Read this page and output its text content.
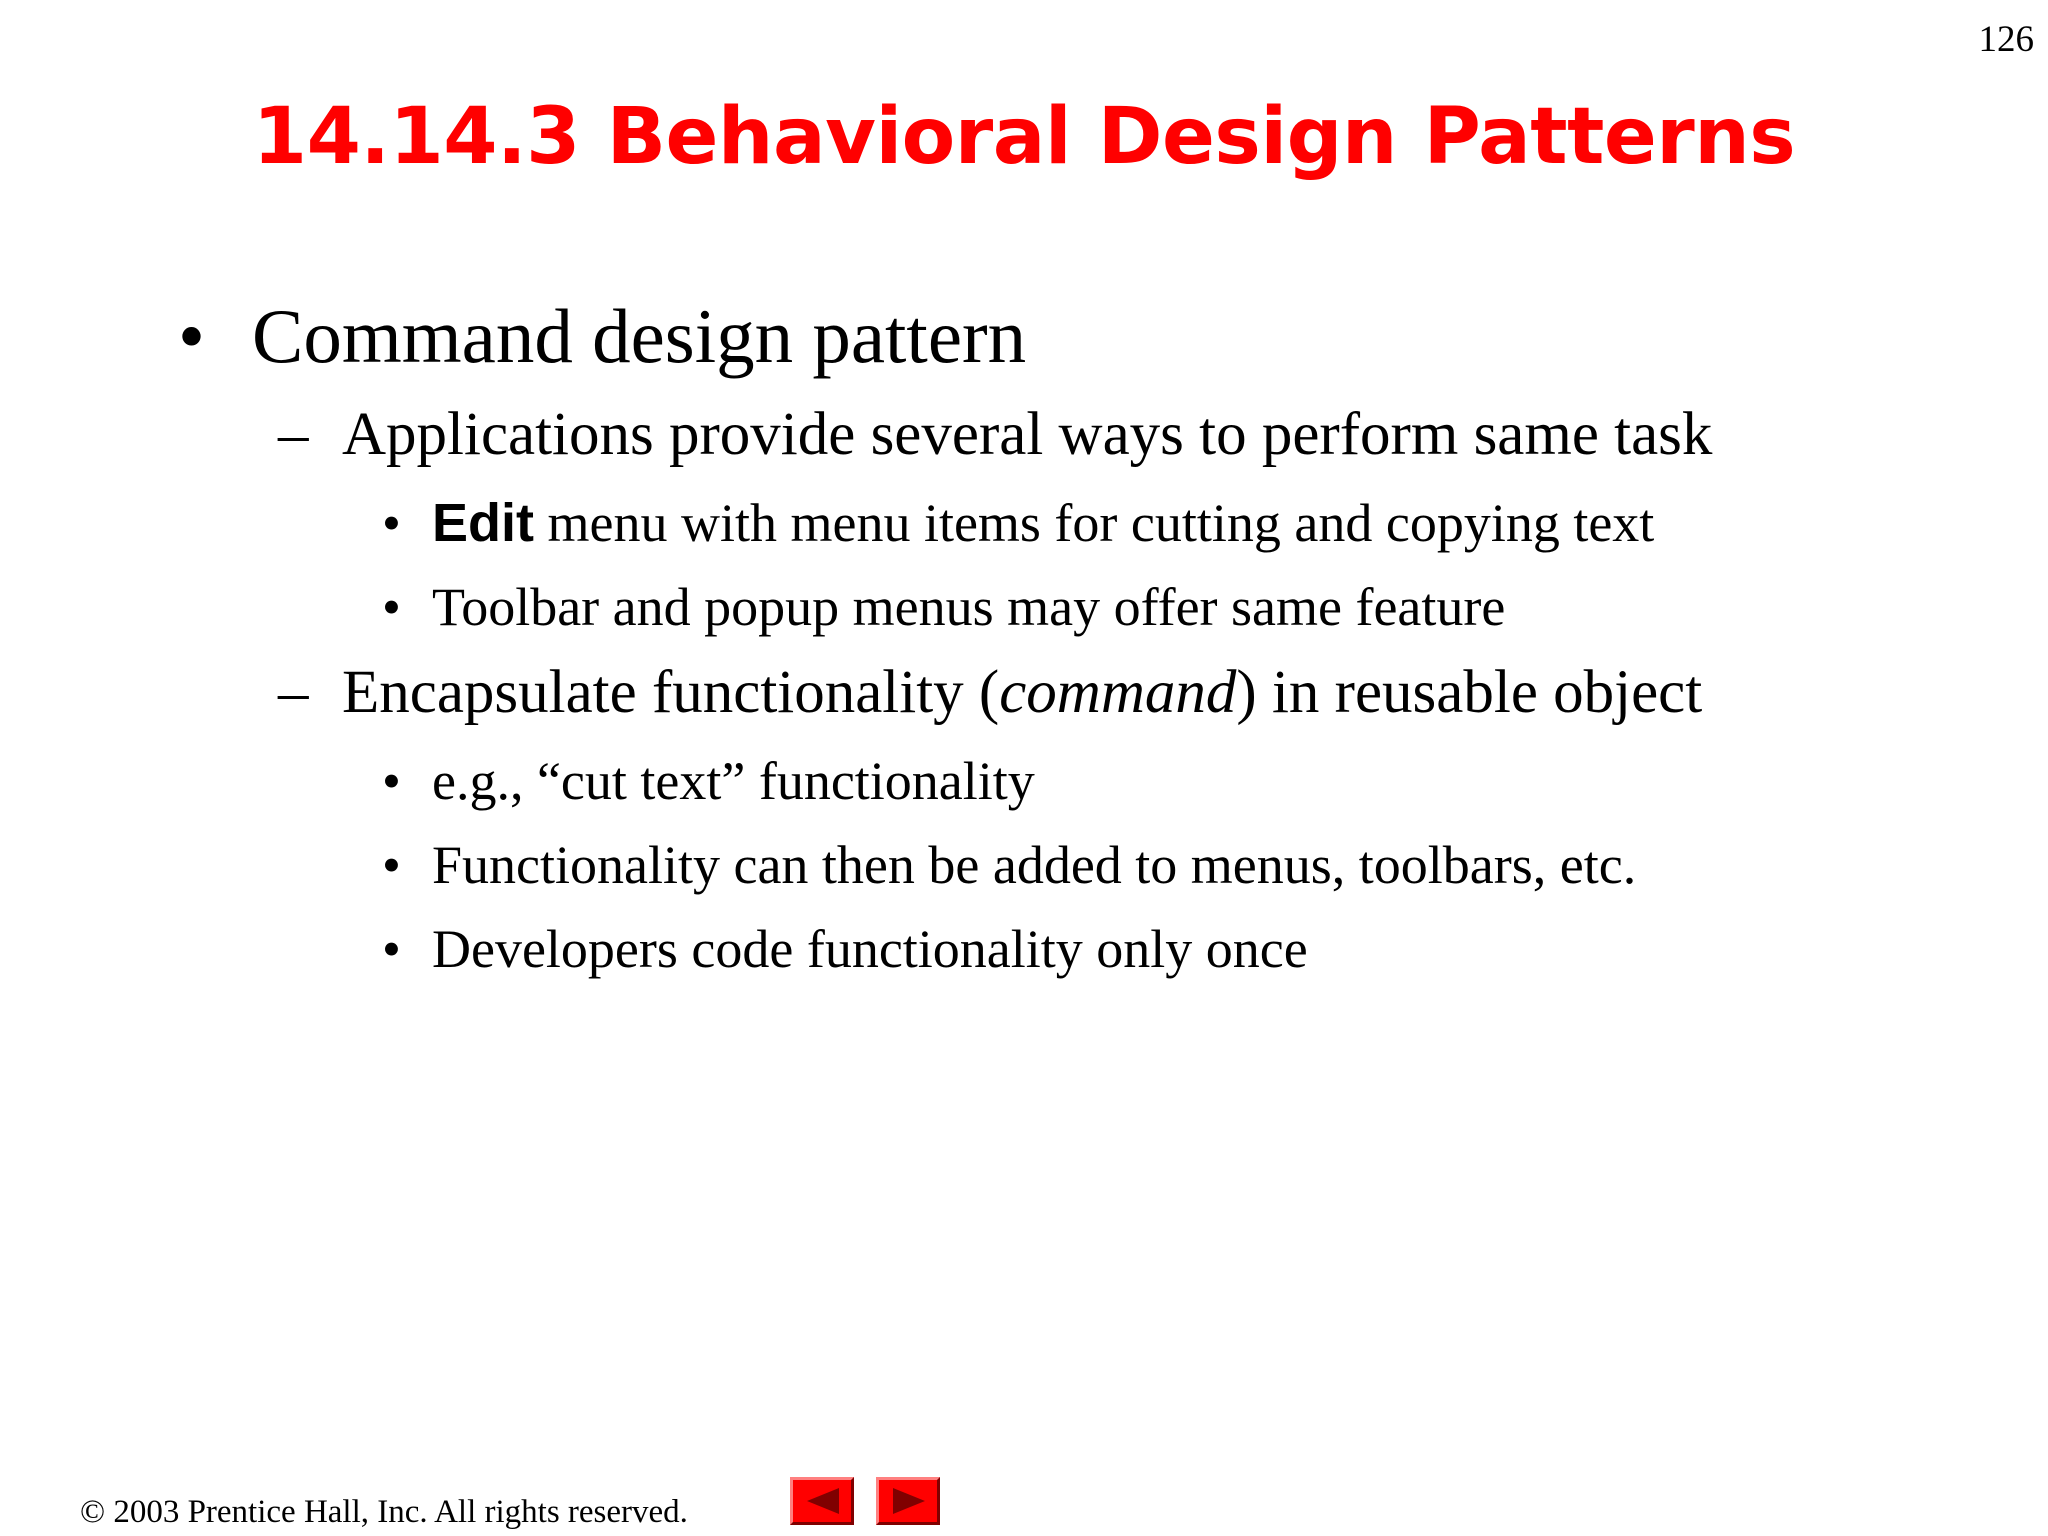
126
14.14.3 Behavioral Design Patterns
• Command design pattern
– Applications provide several ways to perform same task
• Edit menu with menu items for cutting and copying text
• Toolbar and popup menus may offer same feature
– Encapsulate functionality (command) in reusable object
• e.g., “cut text” functionality
• Functionality can then be added to menus, toolbars, etc.
• Developers code functionality only once
© 2003 Prentice Hall, Inc. All rights reserved.
